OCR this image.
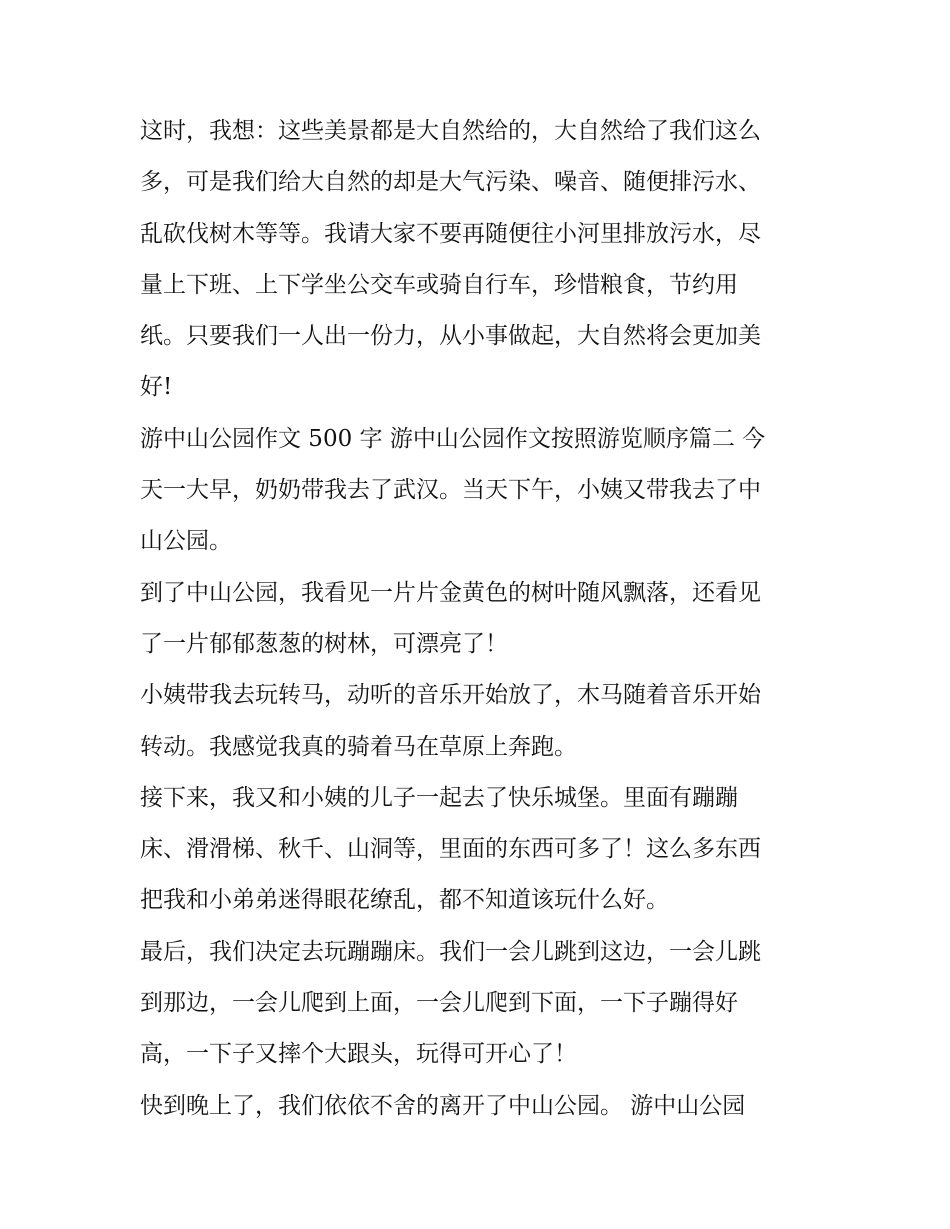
这时，我想：这些美景都是大自然给的，大自然给了我们这么
多，可是我们给大自然的却是大气污染、噪音、随便排污水、
乱砍伐树木等等。我请大家不要再随便往小河里排放污水，尽
量上下班、上下学坐公交车或骑自行车，珍惜粮食，节约用
纸。只要我们一人出一份力，从小事做起，大自然将会更加美
好!

游中山公园作文 500 字 游中山公园作文按照游览顺序篇二 今
天一大早，奶奶带我去了武汉。当天下午，小姨又带我去了中
山公园。

到了中山公园，我看见一片片金黄色的树叶随风飘落，还看见
了一片郁郁葱葱的树林，可漂亮了！

小姨带我去玩转马，动听的音乐开始放了，木马随着音乐开始
转动。我感觉我真的骑着马在草原上奔跑。

接下来，我又和小姨的儿子一起去了快乐城堡。里面有蹦蹦
床、滑滑梯、秋千、山洞等，里面的东西可多了！这么多东西
把我和小弟弟迷得眼花缭乱，都不知道该玩什么好。

最后，我们决定去玩蹦蹦床。我们一会儿跳到这边，一会儿跳
到那边，一会儿爬到上面，一会儿爬到下面，一下子蹦得好
高，一下子又摔个大跟头，玩得可开心了！

快到晚上了，我们依依不舍的离开了中山公园。 游中山公园
